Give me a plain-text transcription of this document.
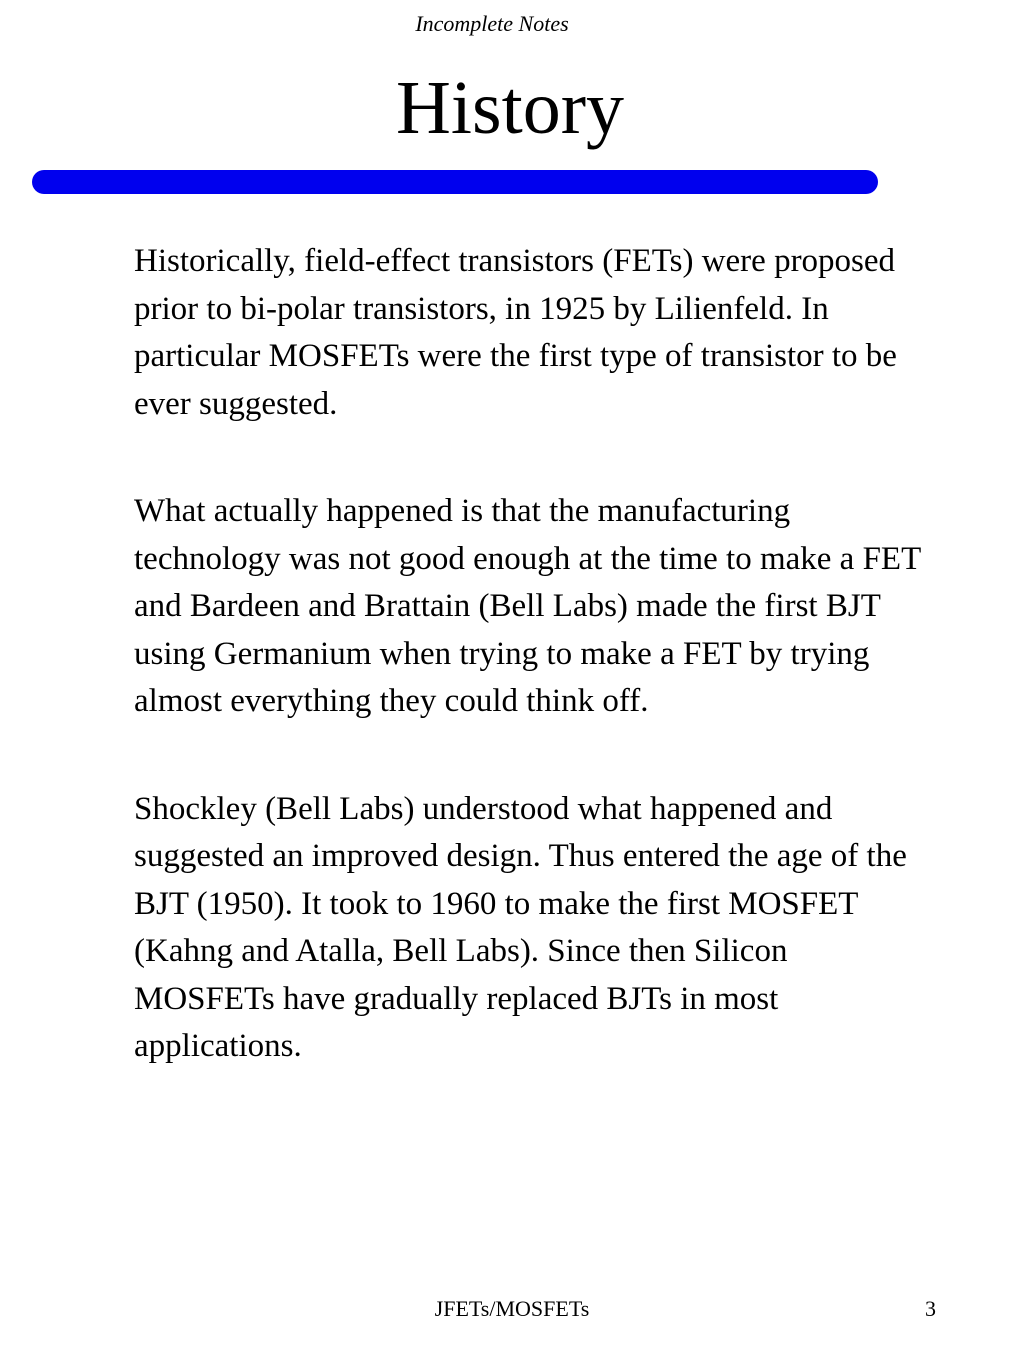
Incomplete Notes
History

Historically, field-effect transistors (FETs) were proposed prior to bi-polar transistors, in 1925 by Lilienfeld. In particular MOSFETs were the first type of transistor to be ever suggested.

What actually happened is that the manufacturing technology was not good enough at the time to make a FET and Bardeen and Brattain (Bell Labs) made the first BJT using Germanium when trying to make a FET by trying almost everything they could think off.

Shockley (Bell Labs) understood what happened and suggested an improved design. Thus entered the age of the BJT (1950). It took to 1960 to make the first MOSFET (Kahng and Atalla, Bell Labs). Since then Silicon MOSFETs have gradually replaced BJTs in most applications.

JFETs/MOSFETs	3
